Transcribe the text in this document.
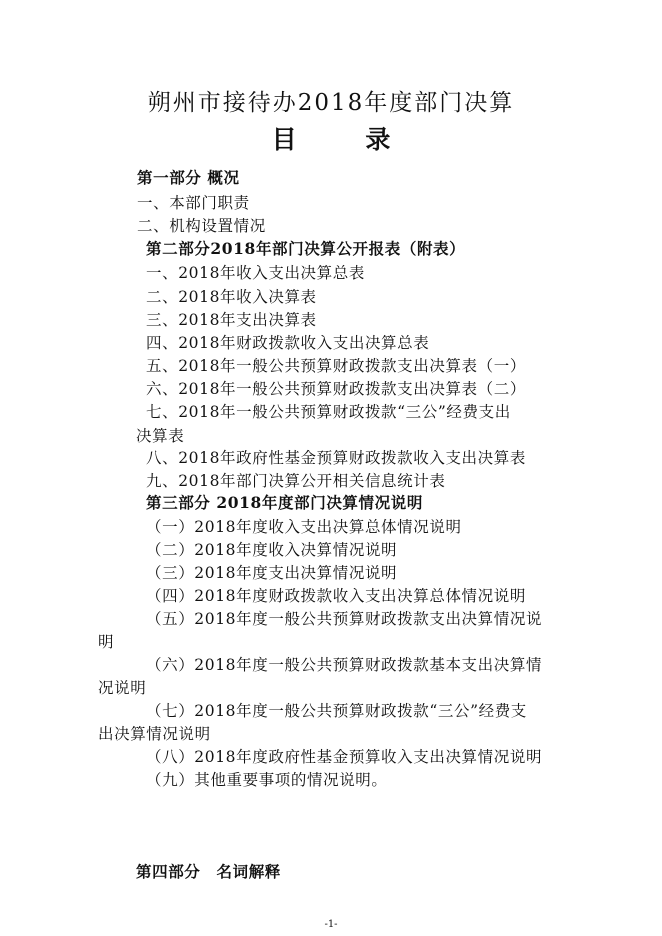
朔州市接待办2018年度部门决算
目 录
第一部分 概况
一、本部门职责
二、机构设置情况
第二部分2018年部门决算公开报表（附表）
一、2018年收入支出决算总表
二、2018年收入决算表
三、2018年支出决算表
四、2018年财政拨款收入支出决算总表
五、2018年一般公共预算财政拨款支出决算表（一）
六、2018年一般公共预算财政拨款支出决算表（二）
七、2018年一般公共预算财政拨款“三公”经费支出
决算表
八、2018年政府性基金预算财政拨款收入支出决算表
九、2018年部门决算公开相关信息统计表
第三部分 2018年度部门决算情况说明
（一）2018年度收入支出决算总体情况说明
（二）2018年度收入决算情况说明
（三）2018年度支出决算情况说明
（四）2018年度财政拨款收入支出决算总体情况说明
（五）2018年度一般公共预算财政拨款支出决算情况说
明
（六）2018年度一般公共预算财政拨款基本支出决算情
况说明
（七）2018年度一般公共预算财政拨款“三公”经费支
出决算情况说明
（八）2018年度政府性基金预算收入支出决算情况说明
（九）其他重要事项的情况说明。
第四部分　名词解释
-1-
